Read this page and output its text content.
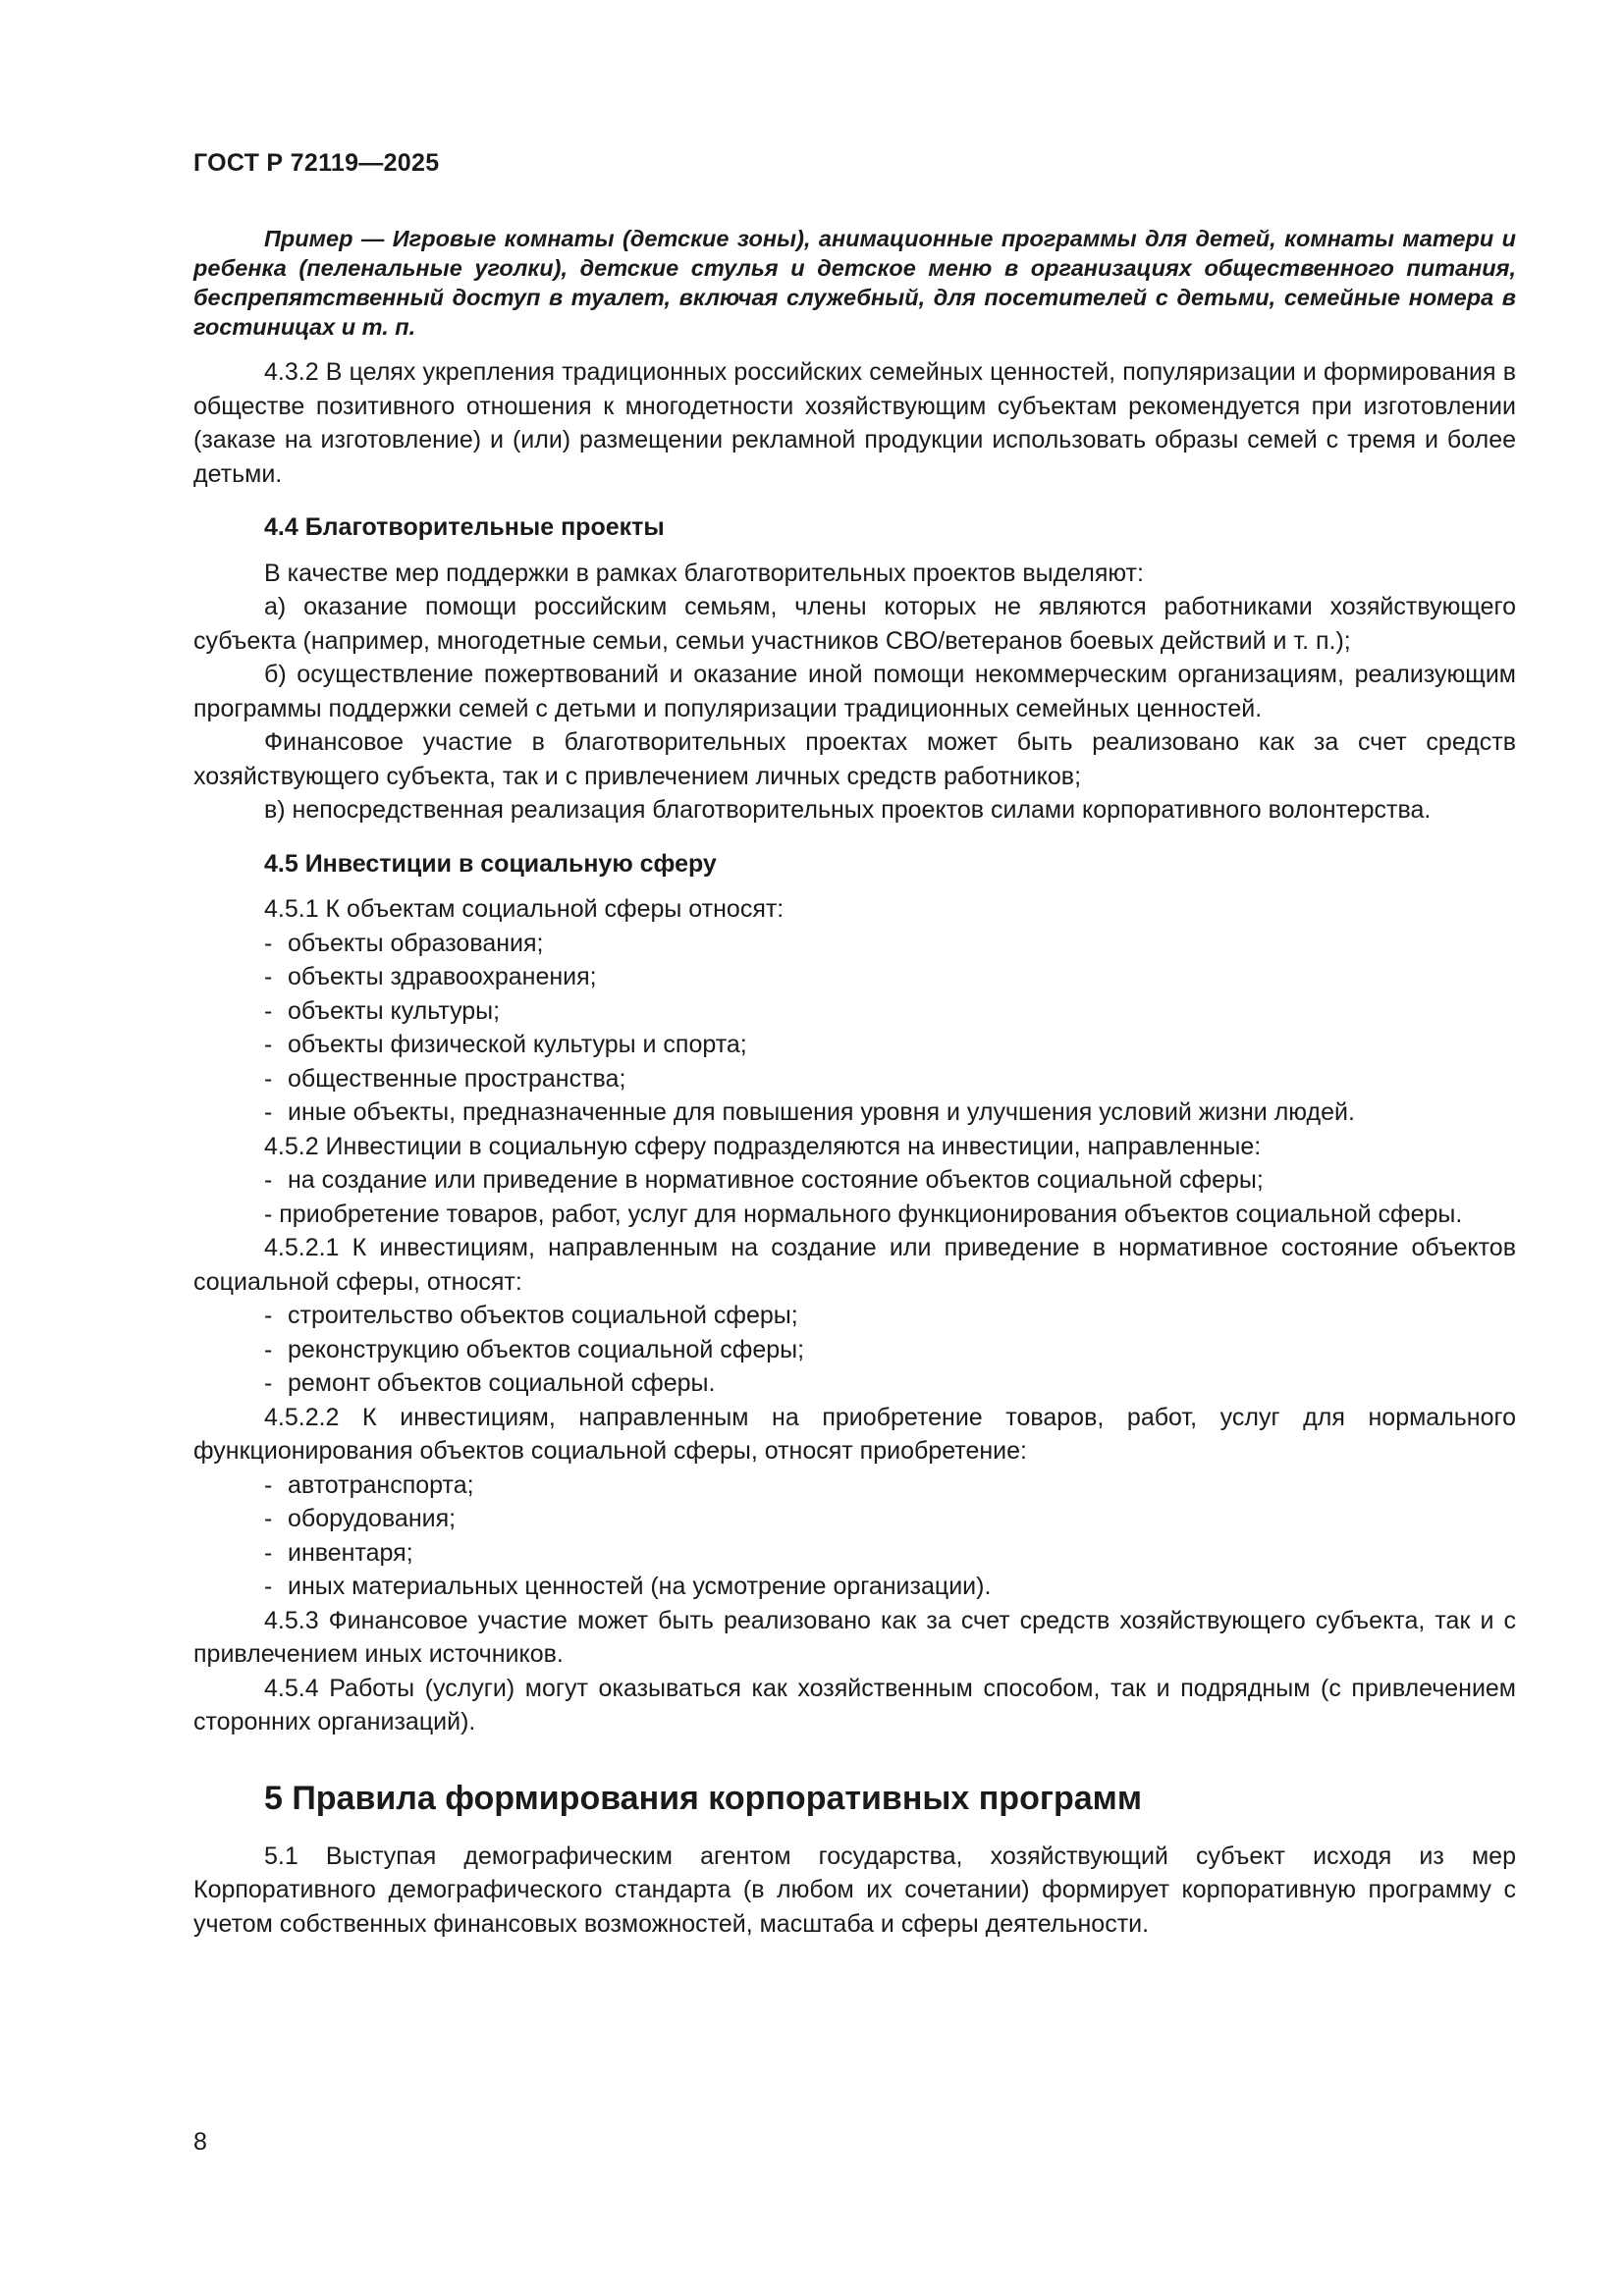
ГОСТ Р 72119—2025

Пример — Игровые комнаты (детские зоны), анимационные программы для детей, комнаты матери и ребенка (пеленальные уголки), детские стулья и детское меню в организациях общественного питания, беспрепятственный доступ в туалет, включая служебный, для посетителей с детьми, семейные номера в гостиницах и т. п.

4.3.2 В целях укрепления традиционных российских семейных ценностей, популяризации и формирования в обществе позитивного отношения к многодетности хозяйствующим субъектам рекомендуется при изготовлении (заказе на изготовление) и (или) размещении рекламной продукции использовать образы семей с тремя и более детьми.

4.4 Благотворительные проекты

В качестве мер поддержки в рамках благотворительных проектов выделяют:

а) оказание помощи российским семьям, члены которых не являются работниками хозяйствующего субъекта (например, многодетные семьи, семьи участников СВО/ветеранов боевых действий и т. п.);

б) осуществление пожертвований и оказание иной помощи некоммерческим организациям, реализующим программы поддержки семей с детьми и популяризации традиционных семейных ценностей.

Финансовое участие в благотворительных проектах может быть реализовано как за счет средств хозяйствующего субъекта, так и с привлечением личных средств работников;

в) непосредственная реализация благотворительных проектов силами корпоративного волонтерства.

4.5 Инвестиции в социальную сферу

4.5.1 К объектам социальной сферы относят:

- объекты образования;

- объекты здравоохранения;

- объекты культуры;

- объекты физической культуры и спорта;

- общественные пространства;

- иные объекты, предназначенные для повышения уровня и улучшения условий жизни людей.

4.5.2 Инвестиции в социальную сферу подразделяются на инвестиции, направленные:

- на создание или приведение в нормативное состояние объектов социальной сферы;

- приобретение товаров, работ, услуг для нормального функционирования объектов социальной сферы.

4.5.2.1 К инвестициям, направленным на создание или приведение в нормативное состояние объектов социальной сферы, относят:

- строительство объектов социальной сферы;

- реконструкцию объектов социальной сферы;

- ремонт объектов социальной сферы.

4.5.2.2 К инвестициям, направленным на приобретение товаров, работ, услуг для нормального функционирования объектов социальной сферы, относят приобретение:

- автотранспорта;

- оборудования;

- инвентаря;

- иных материальных ценностей (на усмотрение организации).

4.5.3 Финансовое участие может быть реализовано как за счет средств хозяйствующего субъекта, так и с привлечением иных источников.

4.5.4 Работы (услуги) могут оказываться как хозяйственным способом, так и подрядным (с привлечением сторонних организаций).

5 Правила формирования корпоративных программ

5.1 Выступая демографическим агентом государства, хозяйствующий субъект исходя из мер Корпоративного демографического стандарта (в любом их сочетании) формирует корпоративную программу с учетом собственных финансовых возможностей, масштаба и сферы деятельности.

8
